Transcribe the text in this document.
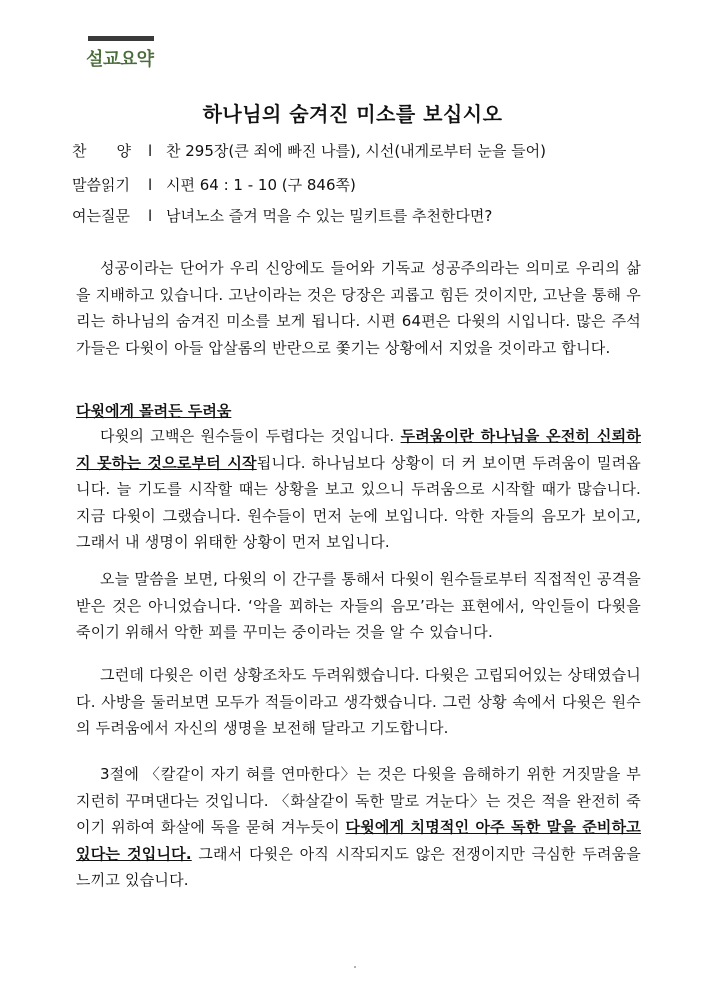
설교요약
하나님의 숨겨진 미소를 보십시오
찬　　양 l 찬 295장(큰 죄에 빠진 나를), 시선(내게로부터 눈을 들어)
말씀읽기 l 시편 64 : 1 - 10 (구 846쪽)
여는질문 l 남녀노소 즐겨 먹을 수 있는 밀키트를 추천한다면?
성공이라는 단어가 우리 신앙에도 들어와 기독교 성공주의라는 의미로 우리의 삶을 지배하고 있습니다. 고난이라는 것은 당장은 괴롭고 힘든 것이지만, 고난을 통해 우리는 하나님의 숨겨진 미소를 보게 됩니다. 시편 64편은 다윗의 시입니다. 많은 주석가들은 다윗이 아들 압살롬의 반란으로 쫓기는 상황에서 지었을 것이라고 합니다.
다윗에게 몰려든 두려움
다윗의 고백은 원수들이 두렵다는 것입니다. 두려움이란 하나님을 온전히 신뢰하지 못하는 것으로부터 시작됩니다. 하나님보다 상황이 더 커 보이면 두려움이 밀려옵니다. 늘 기도를 시작할 때는 상황을 보고 있으니 두려움으로 시작할 때가 많습니다. 지금 다윗이 그랬습니다. 원수들이 먼저 눈에 보입니다. 악한 자들의 음모가 보이고, 그래서 내 생명이 위태한 상황이 먼저 보입니다.
오늘 말씀을 보면, 다윗의 이 간구를 통해서 다윗이 원수들로부터 직접적인 공격을 받은 것은 아니었습니다. ‘악을 꾀하는 자들의 음모’라는 표현에서, 악인들이 다윗을 죽이기 위해서 악한 꾀를 꾸미는 중이라는 것을 알 수 있습니다.
그런데 다윗은 이런 상황조차도 두려워했습니다. 다윗은 고립되어있는 상태였습니다. 사방을 둘러보면 모두가 적들이라고 생각했습니다. 그런 상황 속에서 다윗은 원수의 두려움에서 자신의 생명을 보전해 달라고 기도합니다.
3절에 〈칼같이 자기 혀를 연마한다〉는 것은 다윗을 음해하기 위한 거짓말을 부지런히 꾸며댄다는 것입니다. 〈화살같이 독한 말로 겨눈다〉는 것은 적을 완전히 죽이기 위하여 화살에 독을 묻혀 겨누듯이 다윗에게 치명적인 아주 독한 말을 준비하고 있다는 것입니다. 그래서 다윗은 아직 시작되지도 않은 전쟁이지만 극심한 두려움을 느끼고 있습니다.
